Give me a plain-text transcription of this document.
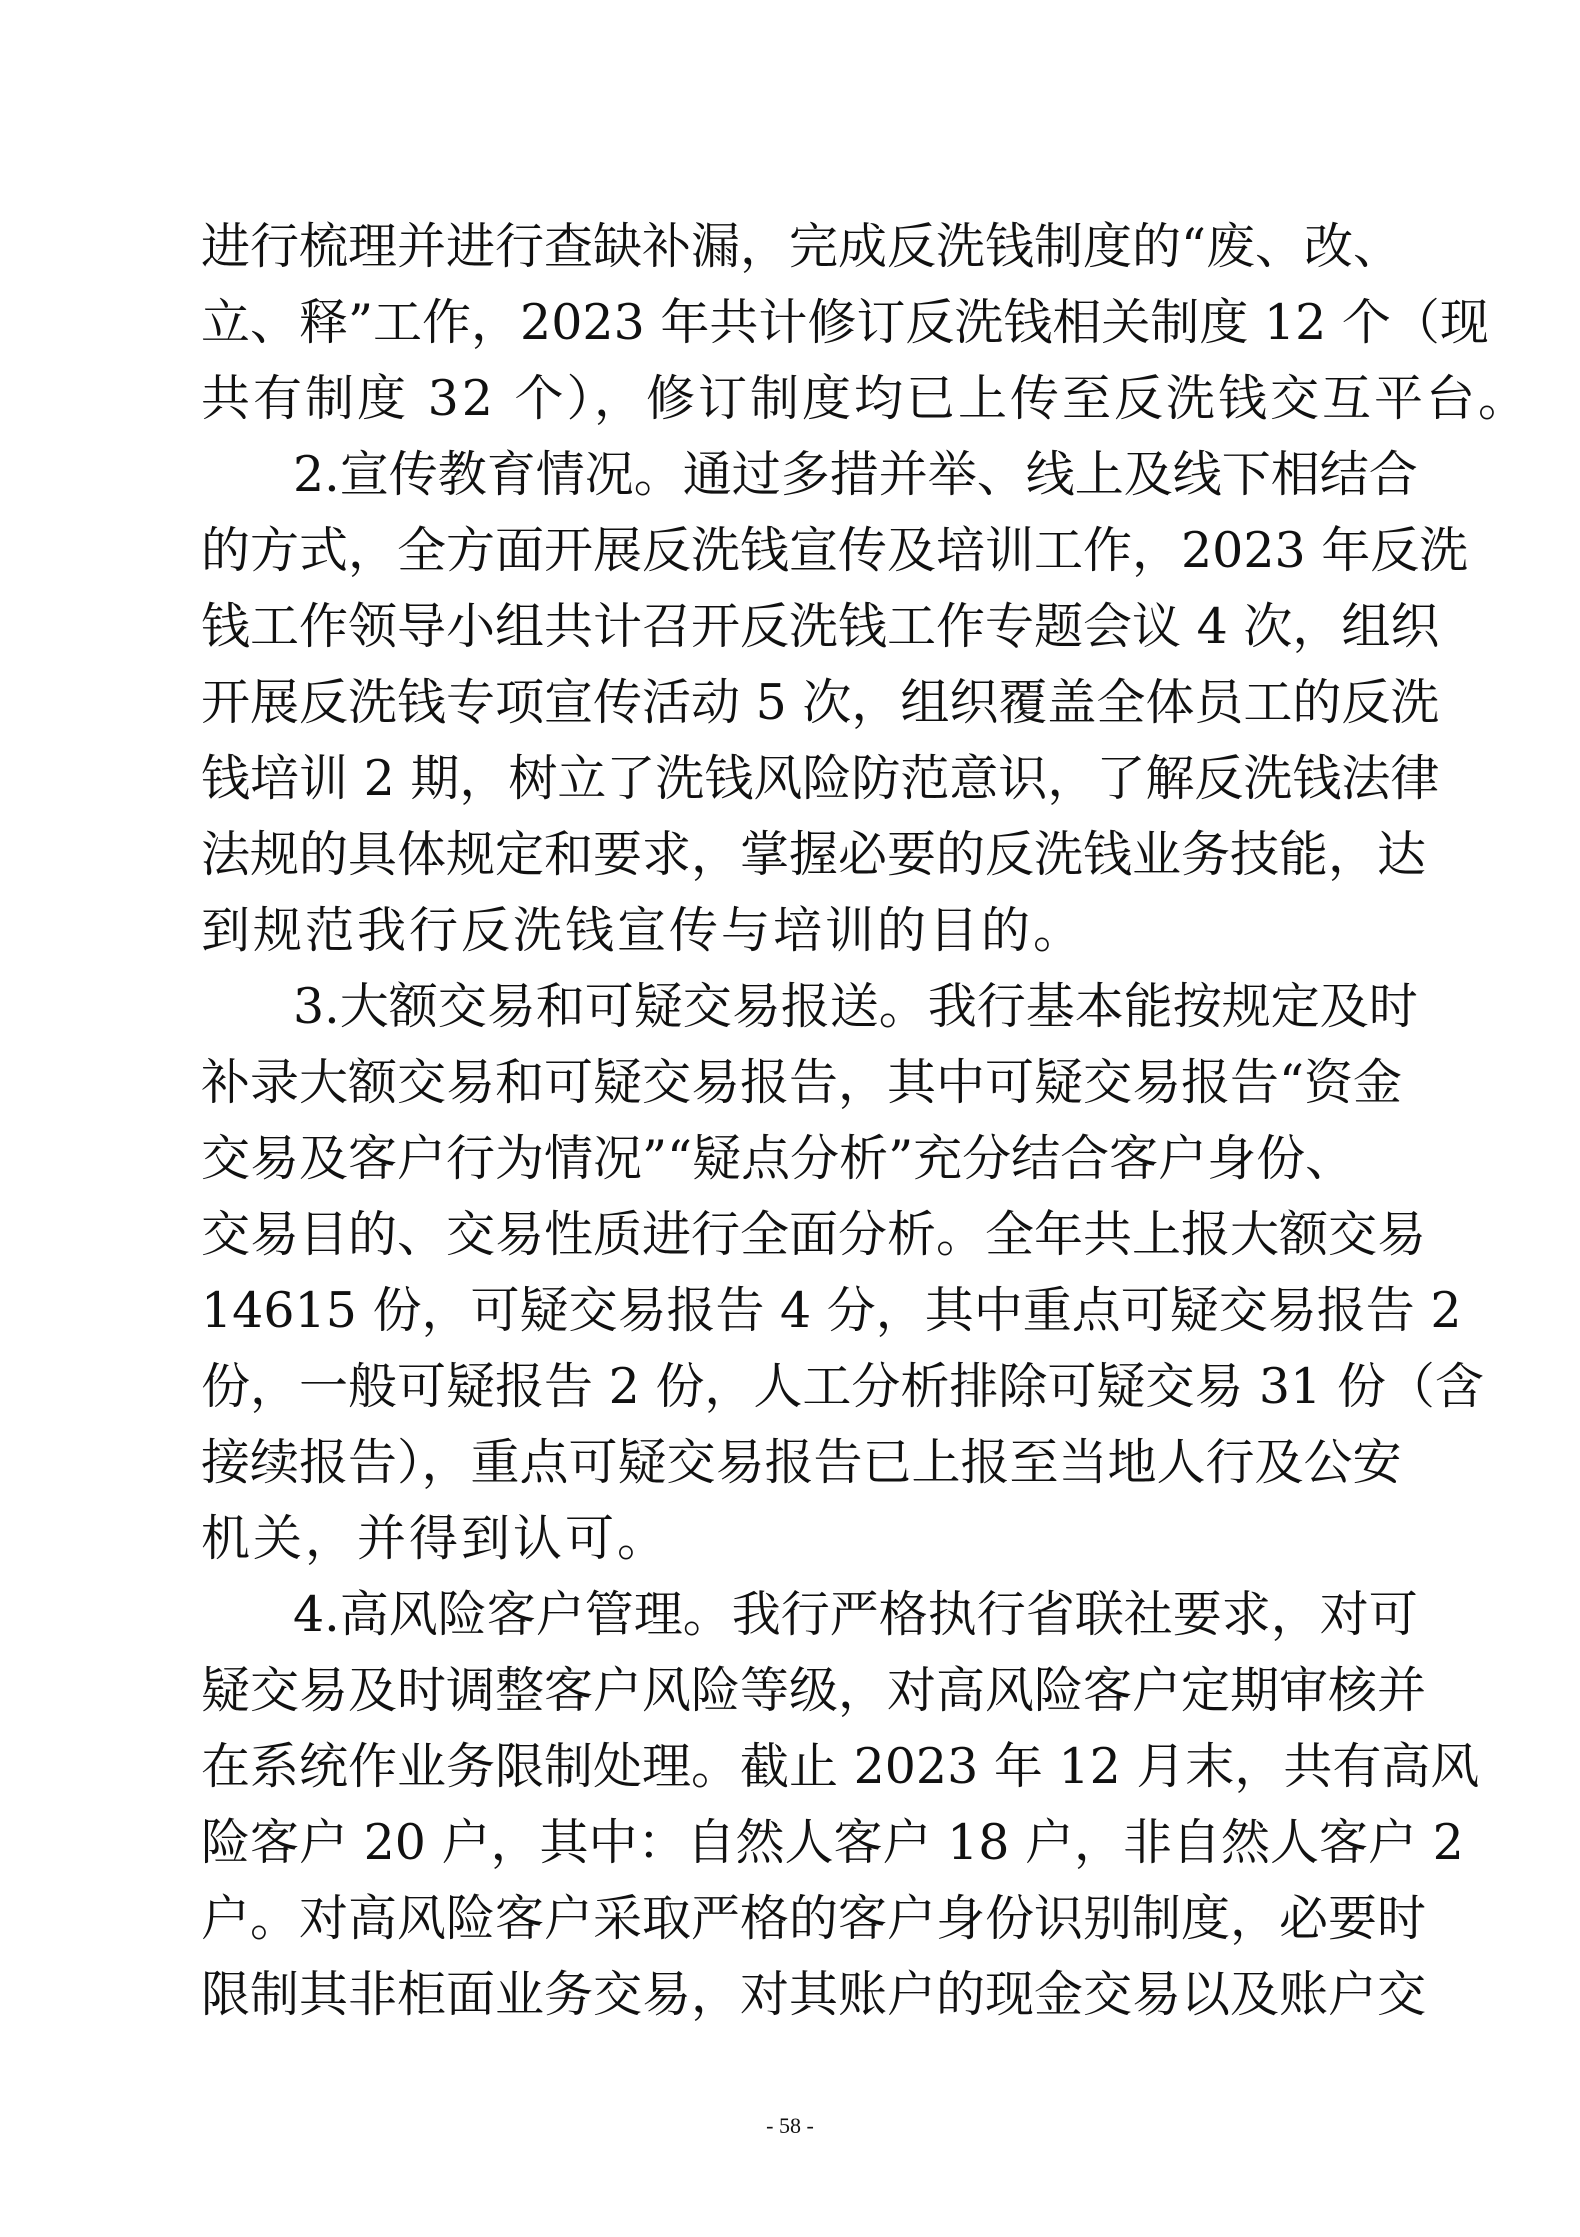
进行梳理并进行查缺补漏，完成反洗钱制度的“废、改、
立、释”工作，2023 年共计修订反洗钱相关制度 12 个（现
共有制度 32 个），修订制度均已上传至反洗钱交互平台。
2.宣传教育情况。通过多措并举、线上及线下相结合
的方式，全方面开展反洗钱宣传及培训工作，2023 年反洗
钱工作领导小组共计召开反洗钱工作专题会议 4 次，组织
开展反洗钱专项宣传活动 5 次，组织覆盖全体员工的反洗
钱培训 2 期，树立了洗钱风险防范意识，了解反洗钱法律
法规的具体规定和要求，掌握必要的反洗钱业务技能，达
到规范我行反洗钱宣传与培训的目的。
3.大额交易和可疑交易报送。我行基本能按规定及时
补录大额交易和可疑交易报告，其中可疑交易报告“资金
交易及客户行为情况”“疑点分析”充分结合客户身份、
交易目的、交易性质进行全面分析。全年共上报大额交易
14615 份，可疑交易报告 4 分，其中重点可疑交易报告 2
份，一般可疑报告 2 份，人工分析排除可疑交易 31 份（含
接续报告），重点可疑交易报告已上报至当地人行及公安
机关，并得到认可。
4.高风险客户管理。我行严格执行省联社要求，对可
疑交易及时调整客户风险等级，对高风险客户定期审核并
在系统作业务限制处理。截止 2023 年 12 月末，共有高风
险客户 20 户，其中：自然人客户 18 户，非自然人客户 2
户。对高风险客户采取严格的客户身份识别制度，必要时
限制其非柜面业务交易，对其账户的现金交易以及账户交
- 58 -
